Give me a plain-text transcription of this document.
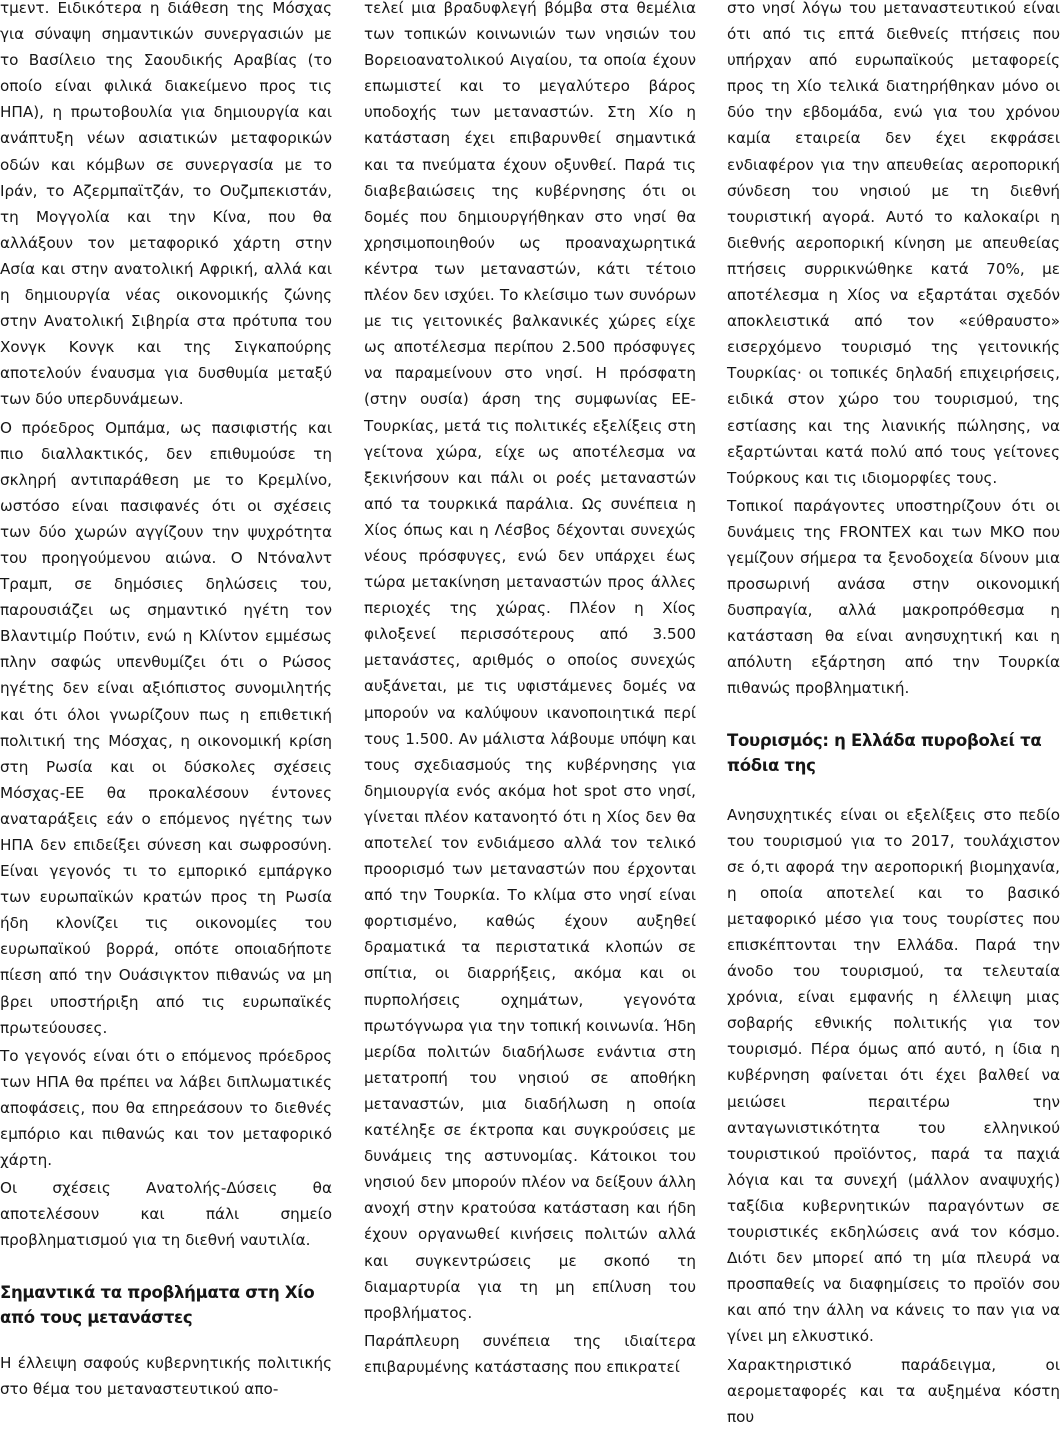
τμεντ. Ειδικότερα η διάθεση της Μόσχας για σύναψη σημαντικών συνεργασιών με το Βασίλειο της Σαουδικής Αραβίας (το οποίο είναι φιλικά διακείμενο προς τις ΗΠΑ), η πρωτοβουλία για δημιουργία και ανάπτυξη νέων ασιατικών μεταφορικών οδών και κόμβων σε συνεργασία με το Ιράν, το Αζερμπαϊτζάν, το Ουζμπεκιστάν, τη Μογγολία και την Κίνα, που θα αλλάξουν τον μεταφορικό χάρτη στην Ασία και στην ανατολική Αφρική, αλλά και η δημιουργία νέας οικονομικής ζώνης στην Ανατολική Σιβηρία στα πρότυπα του Χονγκ Κονγκ και της Σιγκαπούρης αποτελούν έναυσμα για δυσθυμία μεταξύ των δύο υπερδυνάμεων.

Ο πρόεδρος Ομπάμα, ως πασιφιστής και πιο διαλλακτικός, δεν επιθυμούσε τη σκληρή αντιπαράθεση με το Κρεμλίνο, ωστόσο είναι πασιφανές ότι οι σχέσεις των δύο χωρών αγγίζουν την ψυχρότητα του προηγούμενου αιώνα. Ο Ντόναλντ Τραμπ, σε δημόσιες δηλώσεις του, παρουσιάζει ως σημαντικό ηγέτη τον Βλαντιμίρ Πούτιν, ενώ η Κλίντον εμμέσως πλην σαφώς υπενθυμίζει ότι ο Ρώσος ηγέτης δεν είναι αξιόπιστος συνομιλητής και ότι όλοι γνωρίζουν πως η επιθετική πολιτική της Μόσχας, η οικονομική κρίση στη Ρωσία και οι δύσκολες σχέσεις Μόσχας-ΕΕ θα προκαλέσουν έντονες αναταράξεις εάν ο επόμενος ηγέτης των ΗΠΑ δεν επιδείξει σύνεση και σωφροσύνη. Είναι γεγονός τι το εμπορικό εμπάργκο των ευρωπαϊκών κρατών προς τη Ρωσία ήδη κλονίζει τις οικονομίες του ευρωπαϊκού βορρά, οπότε οποιαδήποτε πίεση από την Ουάσιγκτον πιθανώς να μη βρει υποστήριξη από τις ευρωπαϊκές πρωτεύουσες.

Το γεγονός είναι ότι ο επόμενος πρόεδρος των ΗΠΑ θα πρέπει να λάβει διπλωματικές αποφάσεις, που θα επηρεάσουν το διεθνές εμπόριο και πιθανώς και τον μεταφορικό χάρτη.

Οι σχέσεις Ανατολής-Δύσεις θα αποτελέσουν και πάλι σημείο προβληματισμού για τη διεθνή ναυτιλία.

Σημαντικά τα προβλήματα στη Χίο από τους μετανάστες

Η έλλειψη σαφούς κυβερνητικής πολιτικής στο θέμα του μεταναστευτικού απο-

τελεί μια βραδυφλεγή βόμβα στα θεμέλια των τοπικών κοινωνιών των νησιών του Βορειοανατολικού Αιγαίου, τα οποία έχουν επωμιστεί και το μεγαλύτερο βάρος υποδοχής των μεταναστών. Στη Χίο η κατάσταση έχει επιβαρυνθεί σημαντικά και τα πνεύματα έχουν οξυνθεί. Παρά τις διαβεβαιώσεις της κυβέρνησης ότι οι δομές που δημιουργήθηκαν στο νησί θα χρησιμοποιηθούν ως προαναχωρητικά κέντρα των μεταναστών, κάτι τέτοιο πλέον δεν ισχύει. Το κλείσιμο των συνόρων με τις γειτονικές βαλκανικές χώρες είχε ως αποτέλεσμα περίπου 2.500 πρόσφυγες να παραμείνουν στο νησί. Η πρόσφατη (στην ουσία) άρση της συμφωνίας ΕΕ-Τουρκίας, μετά τις πολιτικές εξελίξεις στη γείτονα χώρα, είχε ως αποτέλεσμα να ξεκινήσουν και πάλι οι ροές μεταναστών από τα τουρκικά παράλια. Ως συνέπεια η Χίος όπως και η Λέσβος δέχονται συνεχώς νέους πρόσφυγες, ενώ δεν υπάρχει έως τώρα μετακίνηση μεταναστών προς άλλες περιοχές της χώρας. Πλέον η Χίος φιλοξενεί περισσότερους από 3.500 μετανάστες, αριθμός ο οποίος συνεχώς αυξάνεται, με τις υφιστάμενες δομές να μπορούν να καλύψουν ικανοποιητικά περί τους 1.500. Αν μάλιστα λάβουμε υπόψη και τους σχεδιασμούς της κυβέρνησης για δημιουργία ενός ακόμα hot spot στο νησί, γίνεται πλέον κατανοητό ότι η Χίος δεν θα αποτελεί τον ενδιάμεσο αλλά τον τελικό προορισμό των μεταναστών που έρχονται από την Τουρκία. Το κλίμα στο νησί είναι φορτισμένο, καθώς έχουν αυξηθεί δραματικά τα περιστατικά κλοπών σε σπίτια, οι διαρρήξεις, ακόμα και οι πυρπολήσεις οχημάτων, γεγονότα πρωτόγνωρα για την τοπική κοινωνία. Ήδη μερίδα πολιτών διαδήλωσε ενάντια στη μετατροπή του νησιού σε αποθήκη μεταναστών, μια διαδήλωση η οποία κατέληξε σε έκτροπα και συγκρούσεις με δυνάμεις της αστυνομίας. Κάτοικοι του νησιού δεν μπορούν πλέον να δείξουν άλλη ανοχή στην κρατούσα κατάσταση και ήδη έχουν οργανωθεί κινήσεις πολιτών αλλά και συγκεντρώσεις με σκοπό τη διαμαρτυρία για τη μη επίλυση του προβλήματος.

Παράπλευρη συνέπεια της ιδιαίτερα επιβαρυμένης κατάστασης που επικρατεί

στο νησί λόγω του μεταναστευτικού είναι ότι από τις επτά διεθνείς πτήσεις που υπήρχαν από ευρωπαϊκούς μεταφορείς προς τη Χίο τελικά διατηρήθηκαν μόνο οι δύο την εβδομάδα, ενώ για του χρόνου καμία εταιρεία δεν έχει εκφράσει ενδιαφέρον για την απευθείας αεροπορική σύνδεση του νησιού με τη διεθνή τουριστική αγορά. Αυτό το καλοκαίρι η διεθνής αεροπορική κίνηση με απευθείας πτήσεις συρρικνώθηκε κατά 70%, με αποτέλεσμα η Χίος να εξαρτάται σχεδόν αποκλειστικά από τον «εύθραυστο» εισερχόμενο τουρισμό της γειτονικής Τουρκίας· οι τοπικές δηλαδή επιχειρήσεις, ειδικά στον χώρο του τουρισμού, της εστίασης και της λιανικής πώλησης, να εξαρτώνται κατά πολύ από τους γείτονες Τούρκους και τις ιδιομορφίες τους.

Τοπικοί παράγοντες υποστηρίζουν ότι οι δυνάμεις της FRONTEX και των ΜΚΟ που γεμίζουν σήμερα τα ξενοδοχεία δίνουν μια προσωρινή ανάσα στην οικονομική δυσπραγία, αλλά μακροπρόθεσμα η κατάσταση θα είναι ανησυχητική και η απόλυτη εξάρτηση από την Τουρκία πιθανώς προβληματική.

Τουρισμός: η Ελλάδα πυροβολεί τα πόδια της

Ανησυχητικές είναι οι εξελίξεις στο πεδίο του τουρισμού για το 2017, τουλάχιστον σε ό,τι αφορά την αεροπορική βιομηχανία, η οποία αποτελεί και το βασικό μεταφορικό μέσο για τους τουρίστες που επισκέπτονται την Ελλάδα. Παρά την άνοδο του τουρισμού, τα τελευταία χρόνια, είναι εμφανής η έλλειψη μιας σοβαρής εθνικής πολιτικής για τον τουρισμό. Πέρα όμως από αυτό, η ίδια η κυβέρνηση φαίνεται ότι έχει βαλθεί να μειώσει περαιτέρω την ανταγωνιστικότητα του ελληνικού τουριστικού προϊόντος, παρά τα παχιά λόγια και τα συνεχή (μάλλον αναψυχής) ταξίδια κυβερνητικών παραγόντων σε τουριστικές εκδηλώσεις ανά τον κόσμο. Διότι δεν μπορεί από τη μία πλευρά να προσπαθείς να διαφημίσεις το προϊόν σου και από την άλλη να κάνεις το παν για να γίνει μη ελκυστικό.

Χαρακτηριστικό παράδειγμα, οι αερομεταφορές και τα αυξημένα κόστη που
